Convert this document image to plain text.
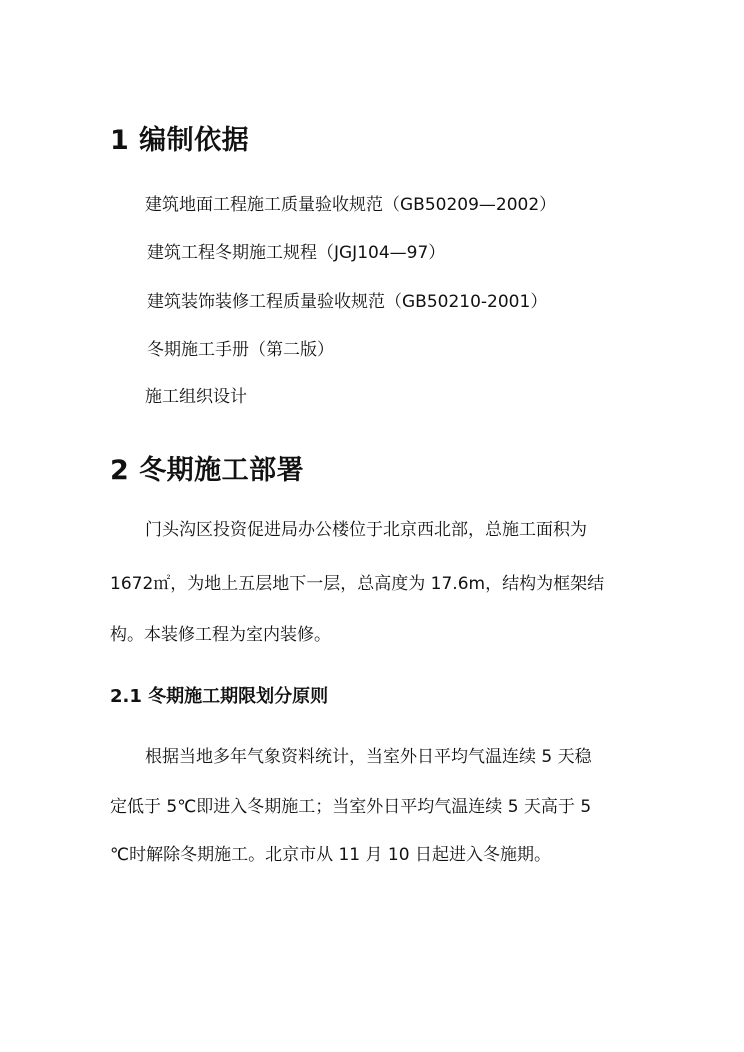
1 编制依据

建筑地面工程施工质量验收规范（GB50209—2002）

建筑工程冬期施工规程（JGJ104—97）

建筑装饰装修工程质量验收规范（GB50210-2001）

冬期施工手册（第二版）

施工组织设计

2 冬期施工部署

门头沟区投资促进局办公楼位于北京西北部，总施工面积为

1672㎡，为地上五层地下一层，总高度为 17.6m，结构为框架结

构。本装修工程为室内装修。

2.1 冬期施工期限划分原则

根据当地多年气象资料统计，当室外日平均气温连续 5 天稳

定低于 5℃即进入冬期施工；当室外日平均气温连续 5 天高于 5

℃时解除冬期施工。北京市从 11 月 10 日起进入冬施期。
